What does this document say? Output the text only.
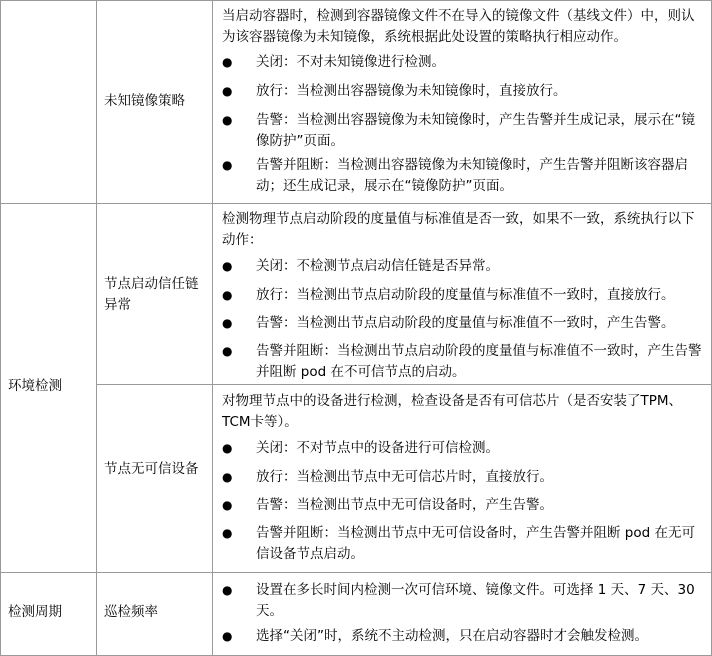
未知镜像策略
当启动容器时，检测到容器镜像文件不在导入的镜像文件（基线文件）中，则认为该容器镜像为未知镜像，系统根据此处设置的策略执行相应动作。
● 关闭：不对未知镜像进行检测。
● 放行：当检测出容器镜像为未知镜像时，直接放行。
● 告警：当检测出容器镜像为未知镜像时，产生告警并生成记录，展示在“镜像防护”页面。
● 告警并阻断：当检测出容器镜像为未知镜像时，产生告警并阻断该容器启动；还生成记录，展示在“镜像防护”页面。
环境检测
节点启动信任链异常
检测物理节点启动阶段的度量值与标准值是否一致，如果不一致，系统执行以下动作：
● 关闭：不检测节点启动信任链是否异常。
● 放行：当检测出节点启动阶段的度量值与标准值不一致时，直接放行。
● 告警：当检测出节点启动阶段的度量值与标准值不一致时，产生告警。
● 告警并阻断：当检测出节点启动阶段的度量值与标准值不一致时，产生告警并阻断 pod 在不可信节点的启动。
节点无可信设备
对物理节点中的设备进行检测，检查设备是否有可信芯片（是否安装了TPM、TCM卡等）。
● 关闭：不对节点中的设备进行可信检测。
● 放行：当检测出节点中无可信芯片时，直接放行。
● 告警：当检测出节点中无可信设备时，产生告警。
● 告警并阻断：当检测出节点中无可信设备时，产生告警并阻断 pod 在无可信设备节点启动。
检测周期	巡检频率
● 设置在多长时间内检测一次可信环境、镜像文件。可选择 1 天、7 天、30 天。
● 选择“关闭”时，系统不主动检测，只在启动容器时才会触发检测。
